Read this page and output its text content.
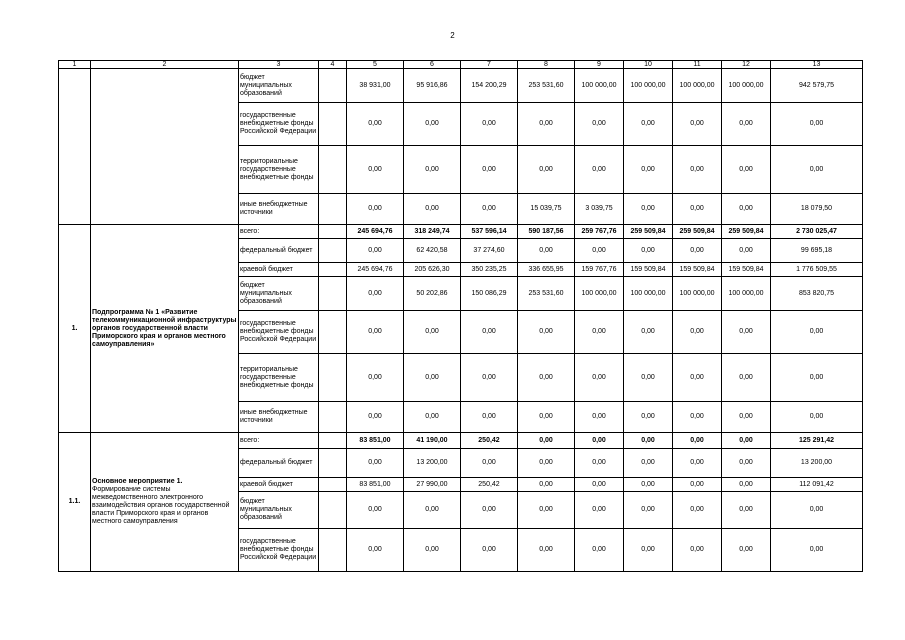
2
1	2	3	4	5	6	7	8	9	10	11	12	13
		бюджет муниципальных образований		38 931,00	95 916,86	154 200,29	253 531,60	100 000,00	100 000,00	100 000,00	100 000,00	942 579,75
		государственные внебюджетные фонды Российской Федерации		0,00	0,00	0,00	0,00	0,00	0,00	0,00	0,00	0,00
		территориальные государственные внебюджетные фонды		0,00	0,00	0,00	0,00	0,00	0,00	0,00	0,00	0,00
		иные внебюджетные источники		0,00	0,00	0,00	15 039,75	3 039,75	0,00	0,00	0,00	18 079,50
1.	Подпрограмма № 1 «Развитие телекоммуникационной инфраструктуры органов государственной власти Приморского края и органов местного самоуправления»	всего:		245 694,76	318 249,74	537 596,14	590 187,56	259 767,76	259 509,84	259 509,84	259 509,84	2 730 025,47
		федеральный бюджет		0,00	62 420,58	37 274,60	0,00	0,00	0,00	0,00	0,00	99 695,18
		краевой бюджет		245 694,76	205 626,30	350 235,25	336 655,95	159 767,76	159 509,84	159 509,84	159 509,84	1 776 509,55
		бюджет муниципальных образований		0,00	50 202,86	150 086,29	253 531,60	100 000,00	100 000,00	100 000,00	100 000,00	853 820,75
		государственные внебюджетные фонды Российской Федерации		0,00	0,00	0,00	0,00	0,00	0,00	0,00	0,00	0,00
		территориальные государственные внебюджетные фонды		0,00	0,00	0,00	0,00	0,00	0,00	0,00	0,00	0,00
		иные внебюджетные источники		0,00	0,00	0,00	0,00	0,00	0,00	0,00	0,00	0,00
1.1.	Основное мероприятие 1.
Формирование системы межведомственного электронного взаимодействия органов государственной власти Приморского края и органов местного самоуправления	всего:		83 851,00	41 190,00	250,42	0,00	0,00	0,00	0,00	0,00	125 291,42
		федеральный бюджет		0,00	13 200,00	0,00	0,00	0,00	0,00	0,00	0,00	13 200,00
		краевой бюджет		83 851,00	27 990,00	250,42	0,00	0,00	0,00	0,00	0,00	112 091,42
		бюджет муниципальных образований		0,00	0,00	0,00	0,00	0,00	0,00	0,00	0,00	0,00
		государственные внебюджетные фонды Российской Федерации		0,00	0,00	0,00	0,00	0,00	0,00	0,00	0,00	0,00
